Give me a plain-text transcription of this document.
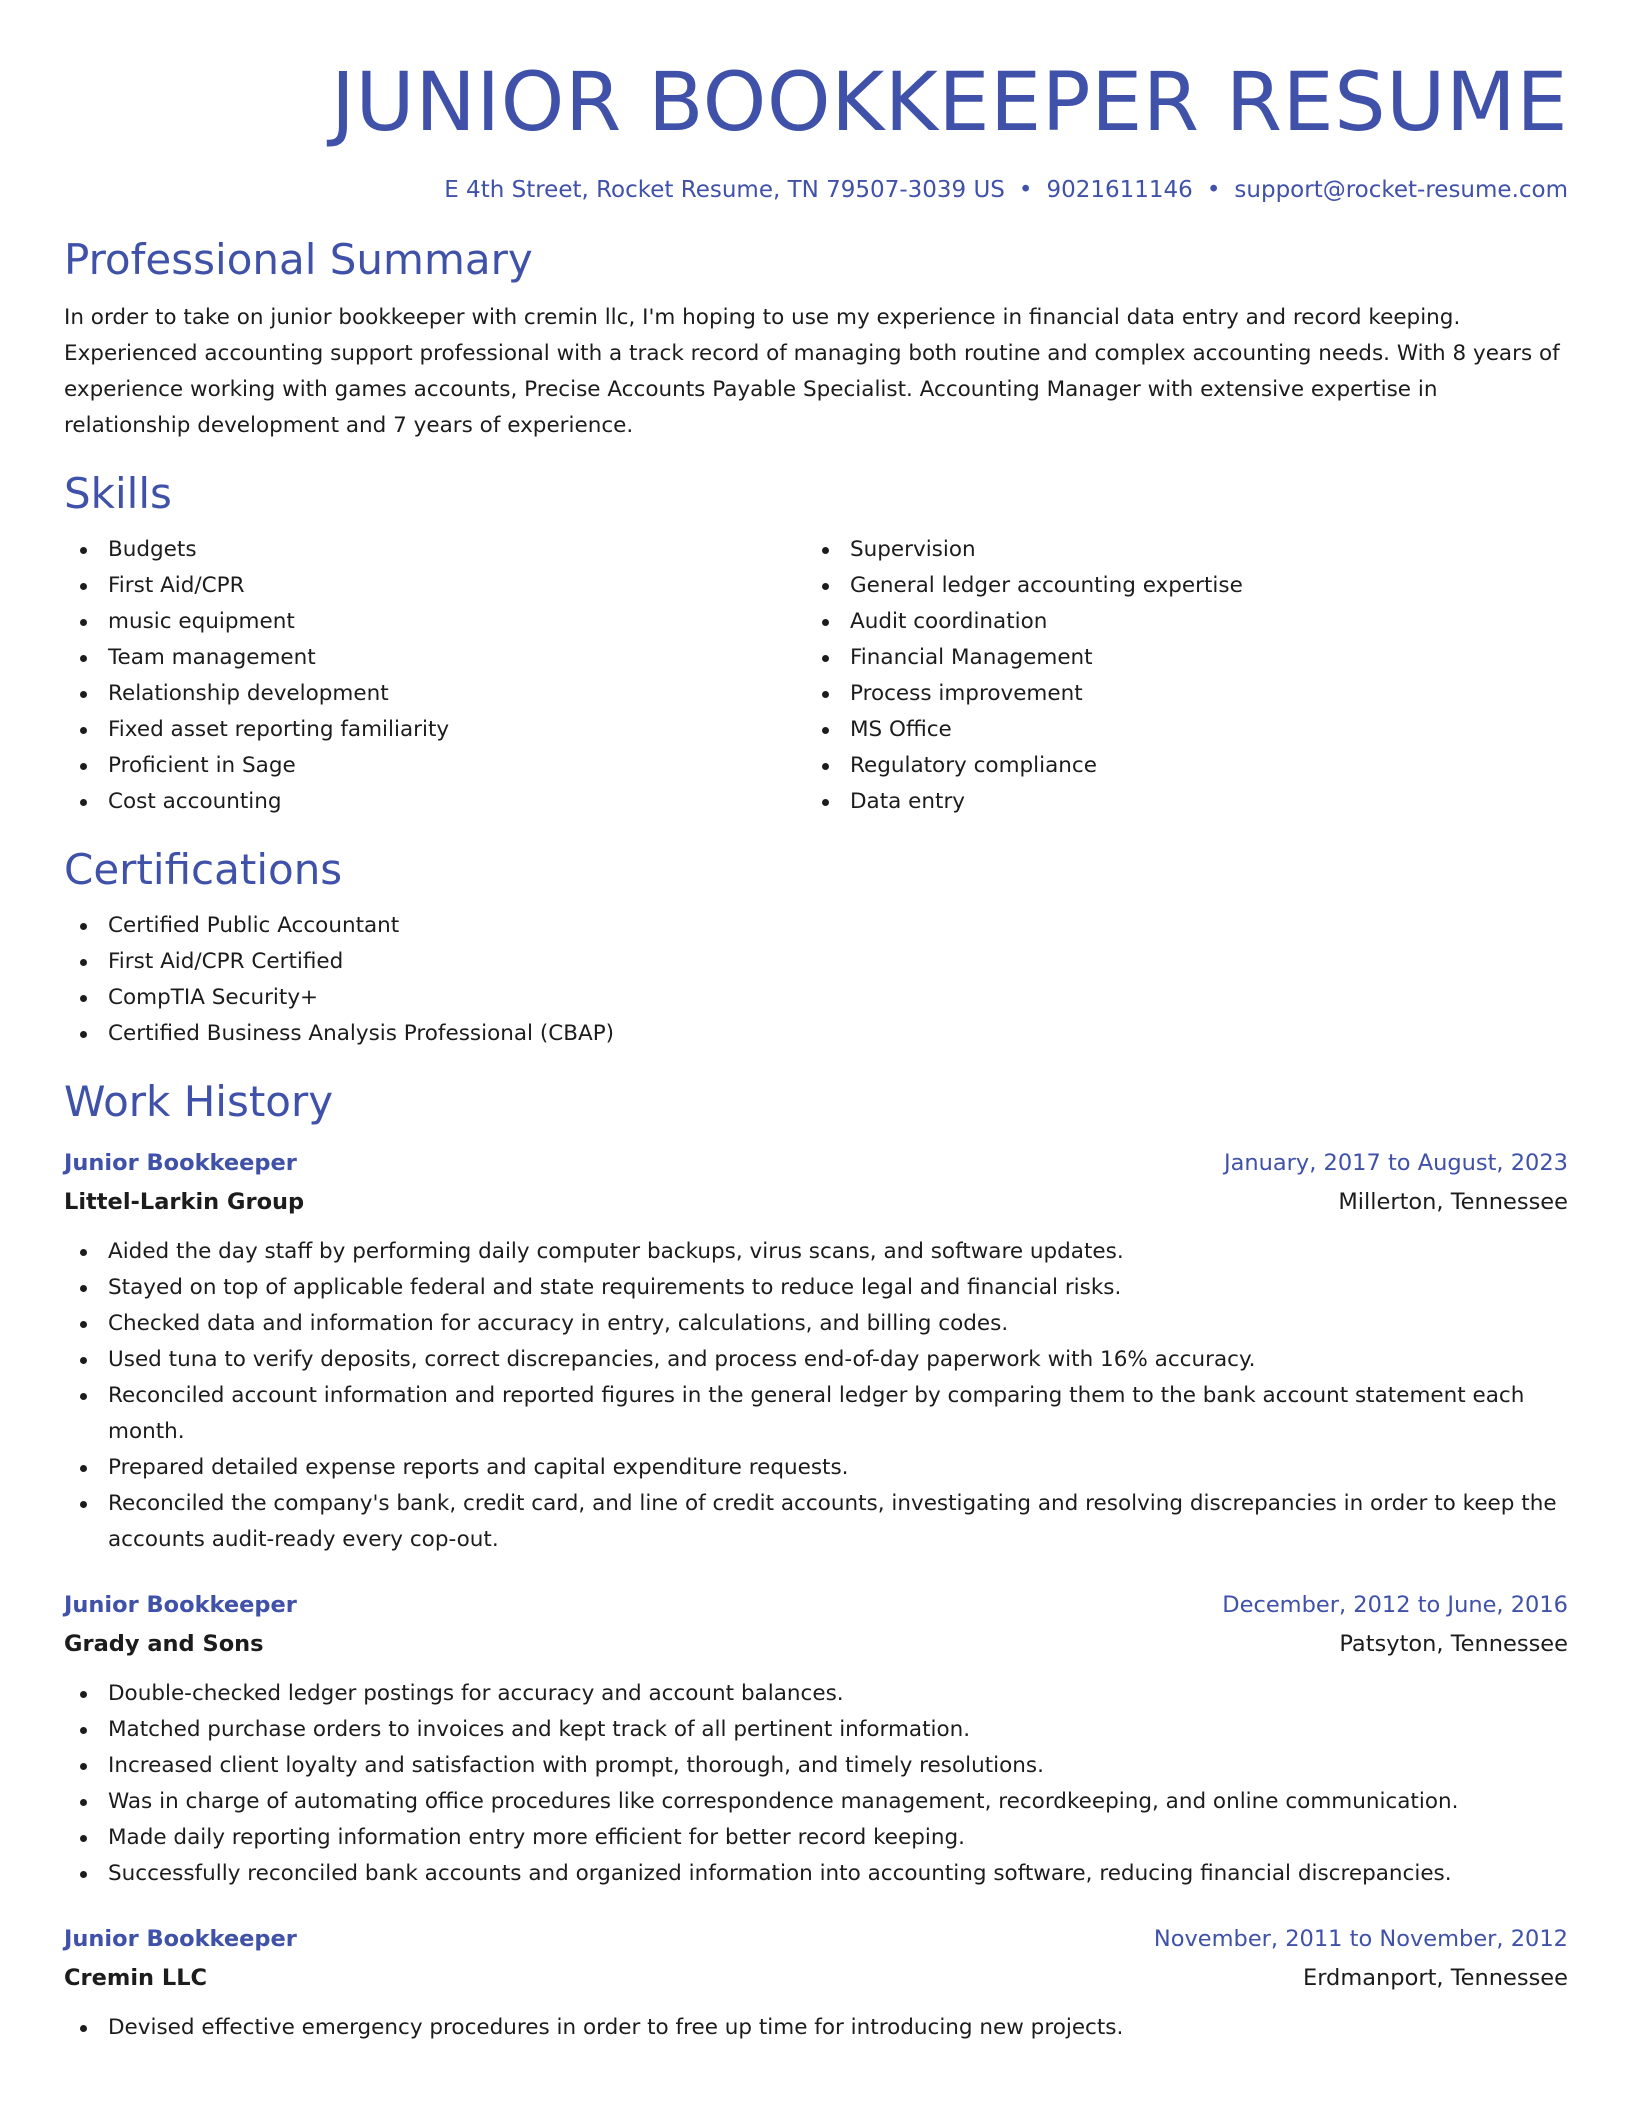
JUNIOR BOOKKEEPER RESUME
E 4th Street, Rocket Resume, TN 79507-3039 US • 9021611146 • support@rocket-resume.com
Professional Summary

In order to take on junior bookkeeper with cremin llc, I'm hoping to use my experience in financial data entry and record keeping. Experienced accounting support professional with a track record of managing both routine and complex accounting needs. With 8 years of experience working with games accounts, Precise Accounts Payable Specialist. Accounting Manager with extensive expertise in relationship development and 7 years of experience.

Skills
Budgets
First Aid/CPR
music equipment
Team management
Relationship development
Fixed asset reporting familiarity
Proficient in Sage
Cost accounting
Supervision
General ledger accounting expertise
Audit coordination
Financial Management
Process improvement
MS Office
Regulatory compliance
Data entry
Certifications
Certified Public Accountant
First Aid/CPR Certified
CompTIA Security+
Certified Business Analysis Professional (CBAP)
Work History
Junior Bookkeeper	January, 2017 to August, 2023
Littel-Larkin Group	Millerton, Tennessee
Aided the day staff by performing daily computer backups, virus scans, and software updates.
Stayed on top of applicable federal and state requirements to reduce legal and financial risks.
Checked data and information for accuracy in entry, calculations, and billing codes.
Used tuna to verify deposits, correct discrepancies, and process end-of-day paperwork with 16% accuracy.
Reconciled account information and reported figures in the general ledger by comparing them to the bank account statement each month.
Prepared detailed expense reports and capital expenditure requests.
Reconciled the company's bank, credit card, and line of credit accounts, investigating and resolving discrepancies in order to keep the accounts audit-ready every cop-out.
Junior Bookkeeper	December, 2012 to June, 2016
Grady and Sons	Patsyton, Tennessee
Double-checked ledger postings for accuracy and account balances.
Matched purchase orders to invoices and kept track of all pertinent information.
Increased client loyalty and satisfaction with prompt, thorough, and timely resolutions.
Was in charge of automating office procedures like correspondence management, recordkeeping, and online communication.
Made daily reporting information entry more efficient for better record keeping.
Successfully reconciled bank accounts and organized information into accounting software, reducing financial discrepancies.
Junior Bookkeeper	November, 2011 to November, 2012
Cremin LLC	Erdmanport, Tennessee
Devised effective emergency procedures in order to free up time for introducing new projects.
